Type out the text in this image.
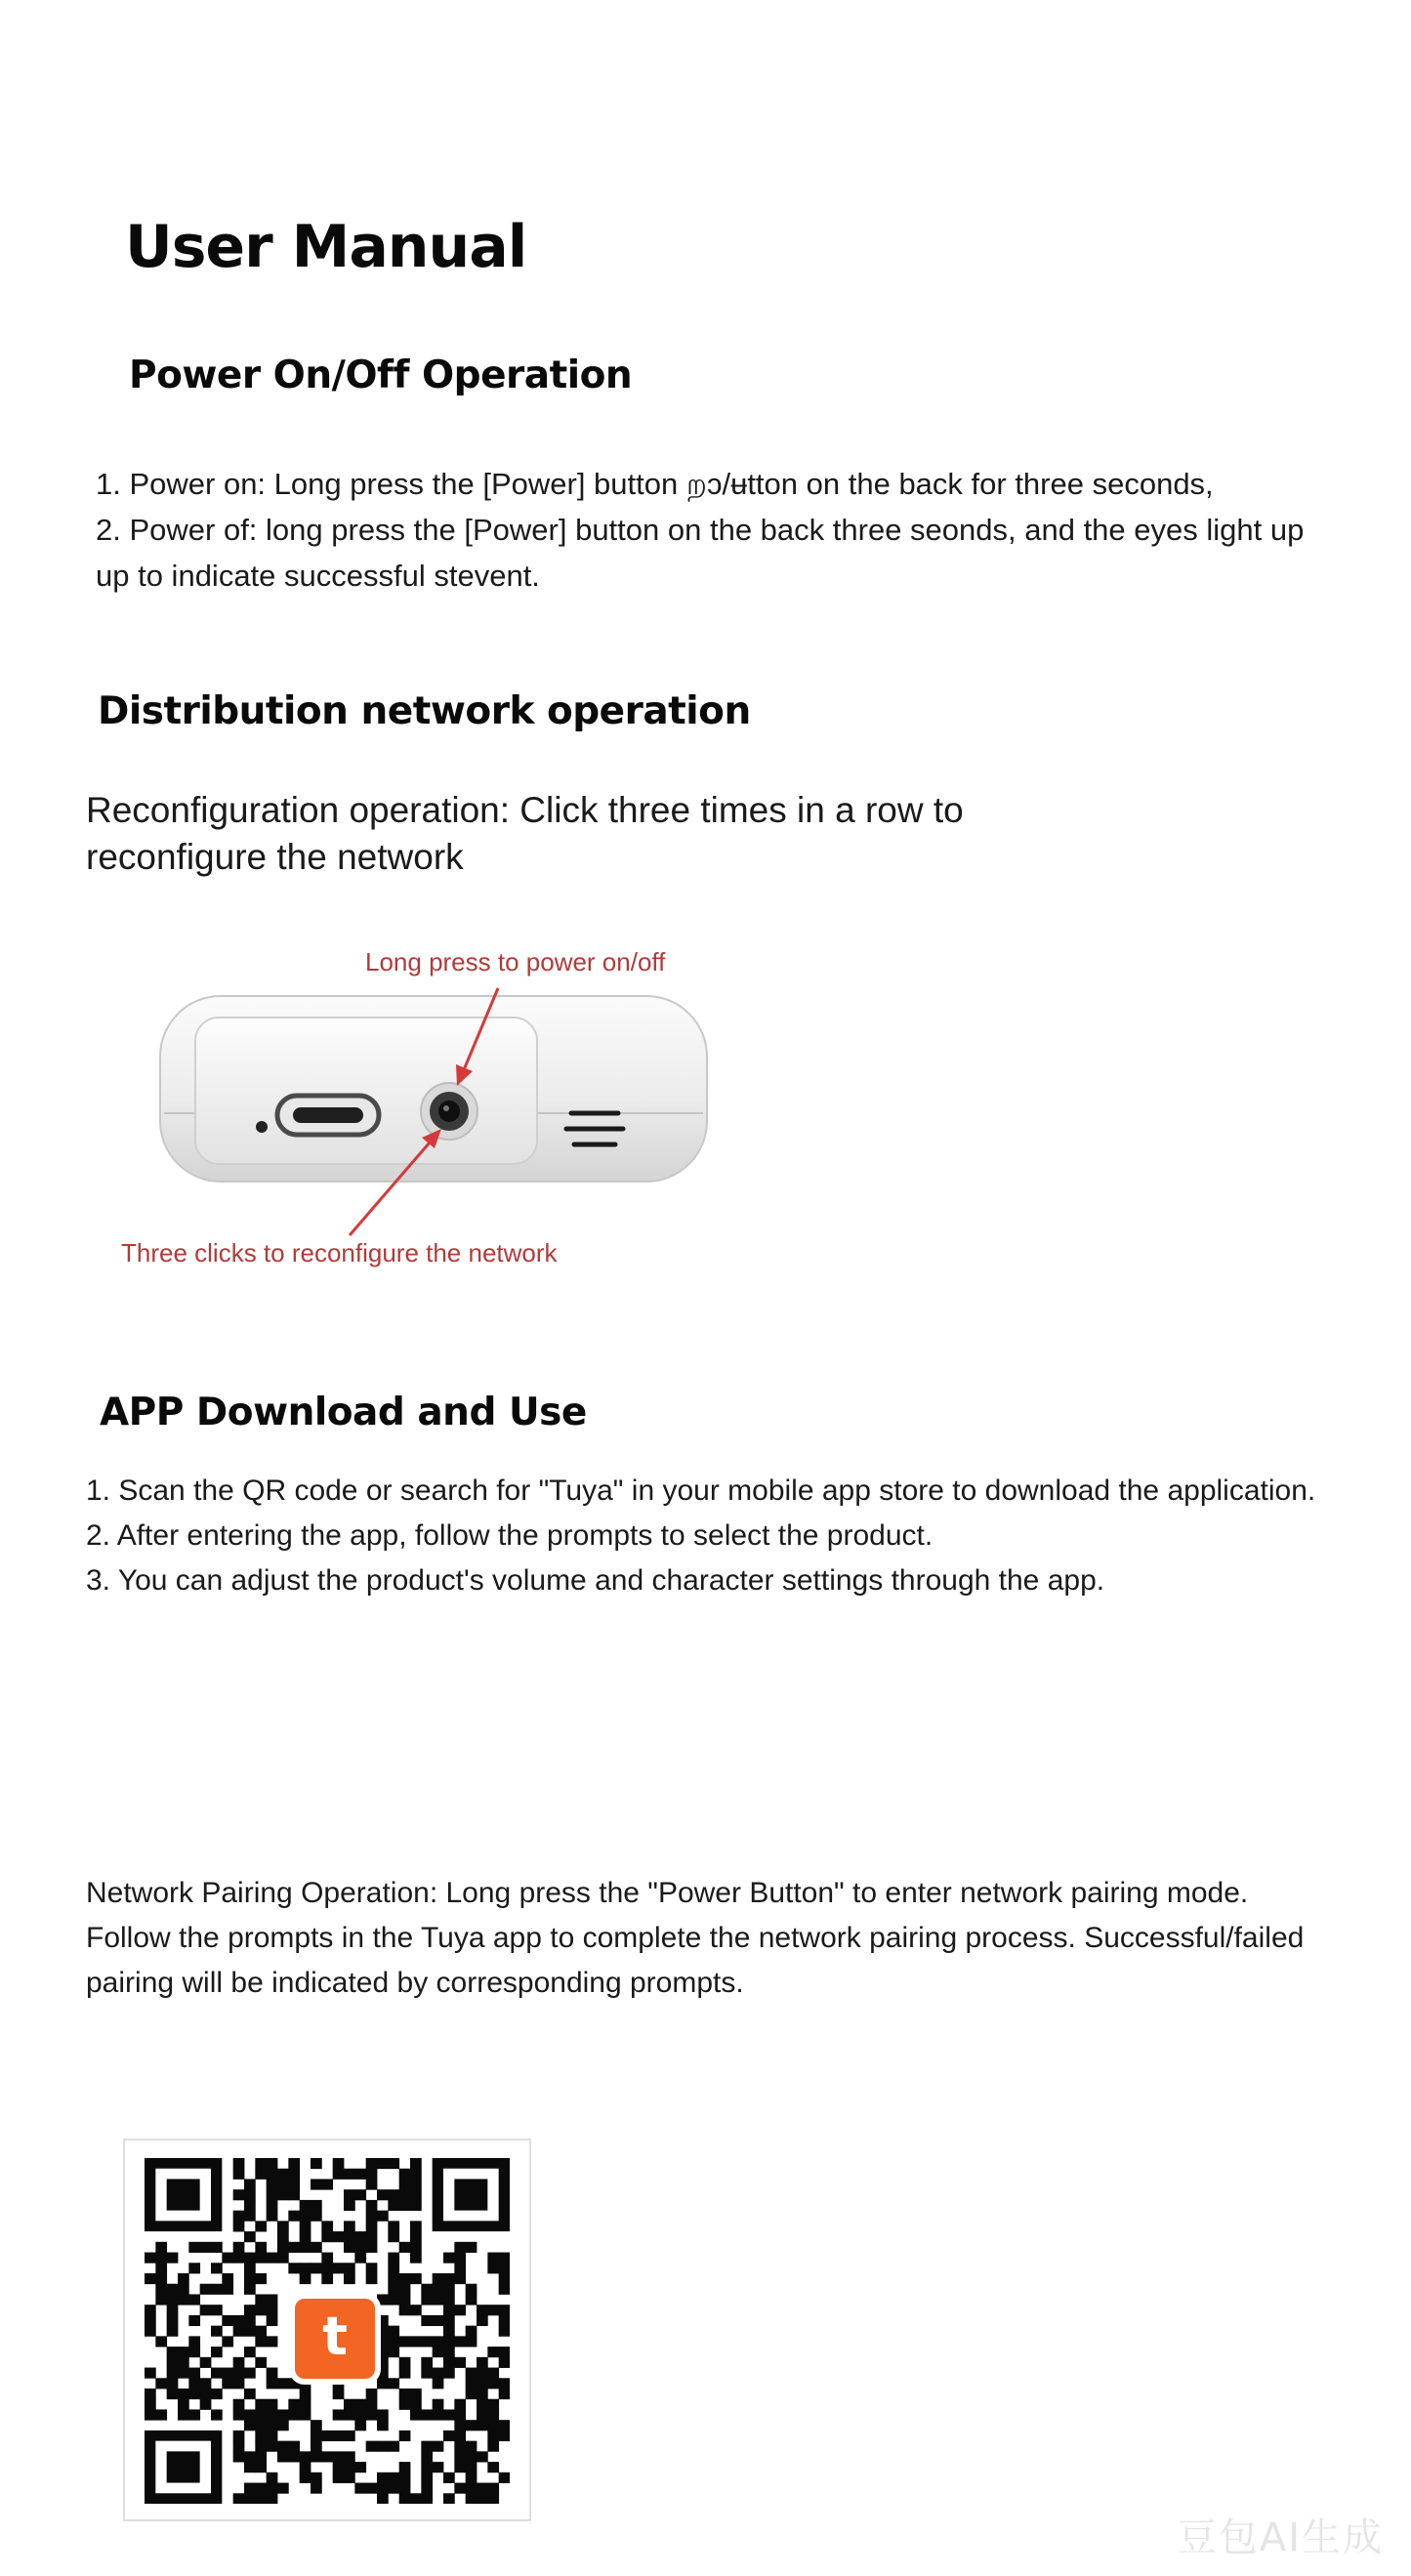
User Manual
Power On/Off Operation

1. Power on: Long press the [Power] button றɔ/ʉtton on the back for three seconds,
2. Power of: long press the [Power] button on the back three seonds, and the eyes light up
up to indicate successful stevent.

Distribution network operation

Reconfiguration operation: Click three times in a row to
reconfigure the network

Long press to power on/off
Three clicks to reconfigure the network
APP Download and Use

1. Scan the QR code or search for "Tuya" in your mobile app store to download the application.
2. After entering the app, follow the prompts to select the product.
3. You can adjust the product's volume and character settings through the app.

Network Pairing Operation: Long press the "Power Button" to enter network pairing mode.
Follow the prompts in the Tuya app to complete the network pairing process. Successful/failed
pairing will be indicated by corresponding prompts.

t
豆包AI生成
